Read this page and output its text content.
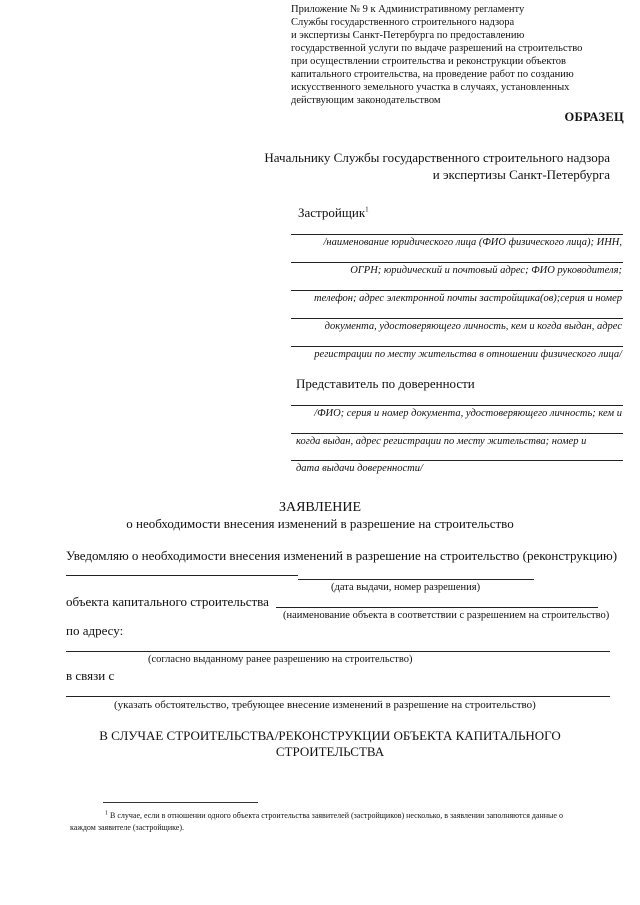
Приложение № 9 к Административному регламенту
Службы государственного строительного надзора
и экспертизы Санкт-Петербурга по предоставлению
государственной услуги по выдаче разрешений на строительство
при осуществлении строительства и реконструкции объектов
капитального строительства, на проведение работ по созданию
искусственного земельного участка в случаях, установленных
действующим законодательством
ОБРАЗЕЦ
Начальнику Службы государственного строительного надзора
и экспертизы Санкт-Петербурга
Застройщик$^1$
/наименование юридического лица (ФИО физического лица); ИНН,
ОГРН; юридический и почтовый адрес; ФИО руководителя;
телефон; адрес электронной почты застройщика(ов);серия и номер
документа, удостоверяющего личность, кем и когда выдан, адрес
регистрации по месту жительства в отношении физического лица/
Представитель по доверенности
/ФИО; серия и номер документа, удостоверяющего личность; кем и
когда выдан, адрес регистрации по месту жительства; номер и
дата выдачи доверенности/
ЗАЯВЛЕНИЕ
о необходимости внесения изменений в разрешение на строительство
Уведомляю о необходимости внесения изменений в разрешение на строительство (реконструкцию)
(дата выдачи, номер разрешения)
объекта капитального строительства
(наименование объекта в соответствии с разрешением на строительство)
по адресу:
(согласно выданному ранее разрешению на строительство)
в связи с
(указать обстоятельство, требующее внесение изменений в разрешение на строительство)
В СЛУЧАЕ СТРОИТЕЛЬСТВА/РЕКОНСТРУКЦИИ ОБЪЕКТА КАПИТАЛЬНОГО
СТРОИТЕЛЬСТВА
$^1$ В случае, если в отношении одного объекта строительства заявителей (застройщиков) несколько, в заявлении заполняются данные о
каждом заявителе (застройщике).
